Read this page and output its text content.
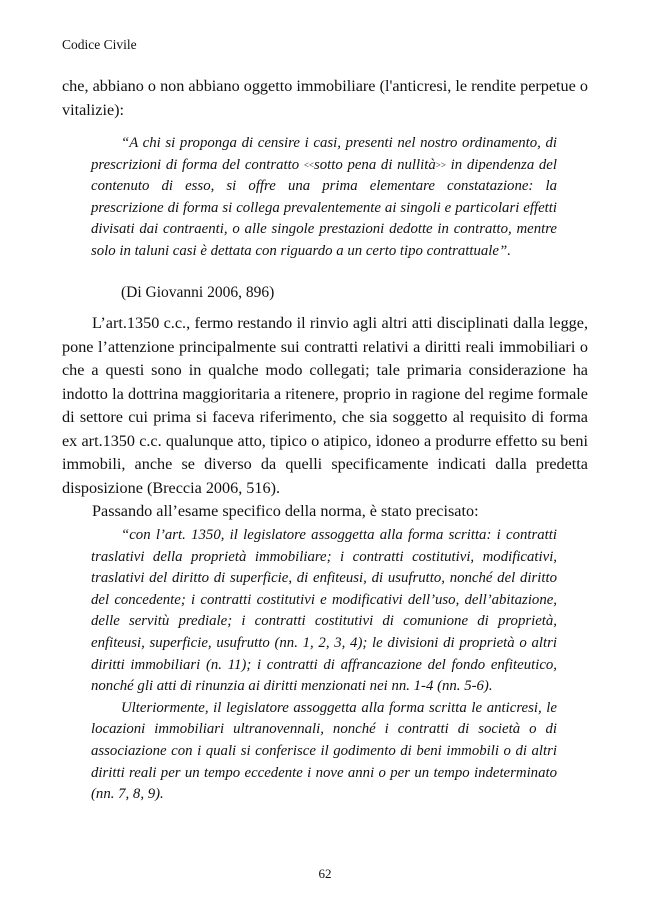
Codice Civile

che, abbiano o non abbiano oggetto immobiliare (l'anticresi, le rendite perpetue o vitalizie):

“A chi si proponga di censire i casi, presenti nel nostro ordinamento, di prescrizioni di forma del contratto <<sotto pena di nullità>> in dipendenza del contenuto di esso, si offre una prima elementare constatazione: la prescrizione di forma si collega prevalentemente ai singoli e particolari effetti divisati dai contraenti, o alle singole prestazioni dedotte in contratto, mentre solo in taluni casi è dettata con riguardo a un certo tipo contrattuale”.

(Di Giovanni 2006, 896)

L’art.1350 c.c., fermo restando il rinvio agli altri atti disciplinati dalla legge, pone l’attenzione principalmente sui contratti relativi a diritti reali immobiliari o che a questi sono in qualche modo collegati; tale primaria considerazione ha indotto la dottrina maggioritaria a ritenere, proprio in ragione del regime formale di settore cui prima si faceva riferimento, che sia soggetto al requisito di forma ex art.1350 c.c. qualunque atto, tipico o atipico, idoneo a produrre effetto su beni immobili, anche se diverso da quelli specificamente indicati dalla predetta disposizione (Breccia 2006, 516).

Passando all’esame specifico della norma, è stato precisato:

“con l’art. 1350, il legislatore assoggetta alla forma scritta: i contratti traslativi della proprietà immobiliare; i contratti costitutivi, modificativi, traslativi del diritto di superficie, di enfiteusi, di usufrutto, nonché del diritto del concedente; i contratti costitutivi e modificativi dell’uso, dell’abitazione, delle servitù prediale; i contratti costitutivi di comunione di proprietà, enfiteusi, superficie, usufrutto (nn. 1, 2, 3, 4); le divisioni di proprietà o altri diritti immobiliari (n. 11); i contratti di affrancazione del fondo enfiteutico, nonché gli atti di rinunzia ai diritti menzionati nei nn. 1-4 (nn. 5-6).

Ulteriormente, il legislatore assoggetta alla forma scritta le anticresi, le locazioni immobiliari ultranovennali, nonché i contratti di società o di associazione con i quali si conferisce il godimento di beni immobili o di altri diritti reali per un tempo eccedente i nove anni o per un tempo indeterminato (nn. 7, 8, 9).

62
